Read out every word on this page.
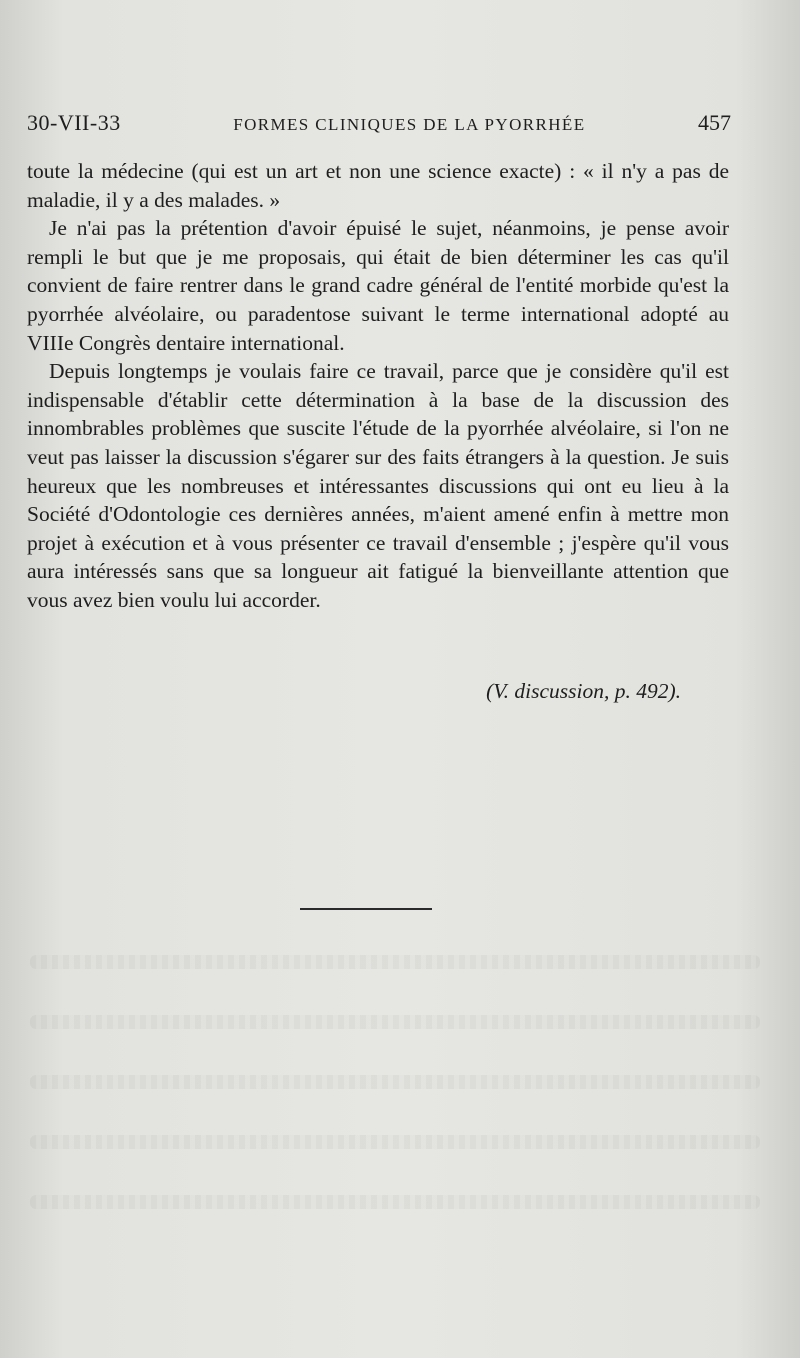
30-VII-33	FORMES CLINIQUES DE LA PYORRHÉE	457

toute la médecine (qui est un art et non une science exacte) : « il n'y a pas de maladie, il y a des malades. »

Je n'ai pas la prétention d'avoir épuisé le sujet, néanmoins, je pense avoir rempli le but que je me proposais, qui était de bien déterminer les cas qu'il convient de faire rentrer dans le grand cadre général de l'entité morbide qu'est la pyorrhée alvéolaire, ou paradentose suivant le terme international adopté au VIIIe Congrès dentaire international.

Depuis longtemps je voulais faire ce travail, parce que je considère qu'il est indispensable d'établir cette détermination à la base de la discussion des innombrables problèmes que suscite l'étude de la pyorrhée alvéolaire, si l'on ne veut pas laisser la discussion s'égarer sur des faits étrangers à la question. Je suis heureux que les nombreuses et intéressantes discussions qui ont eu lieu à la Société d'Odontologie ces dernières années, m'aient amené enfin à mettre mon projet à exécution et à vous présenter ce travail d'ensemble ; j'espère qu'il vous aura intéressés sans que sa longueur ait fatigué la bienveillante attention que vous avez bien voulu lui accorder.

(V. discussion, p. 492).
